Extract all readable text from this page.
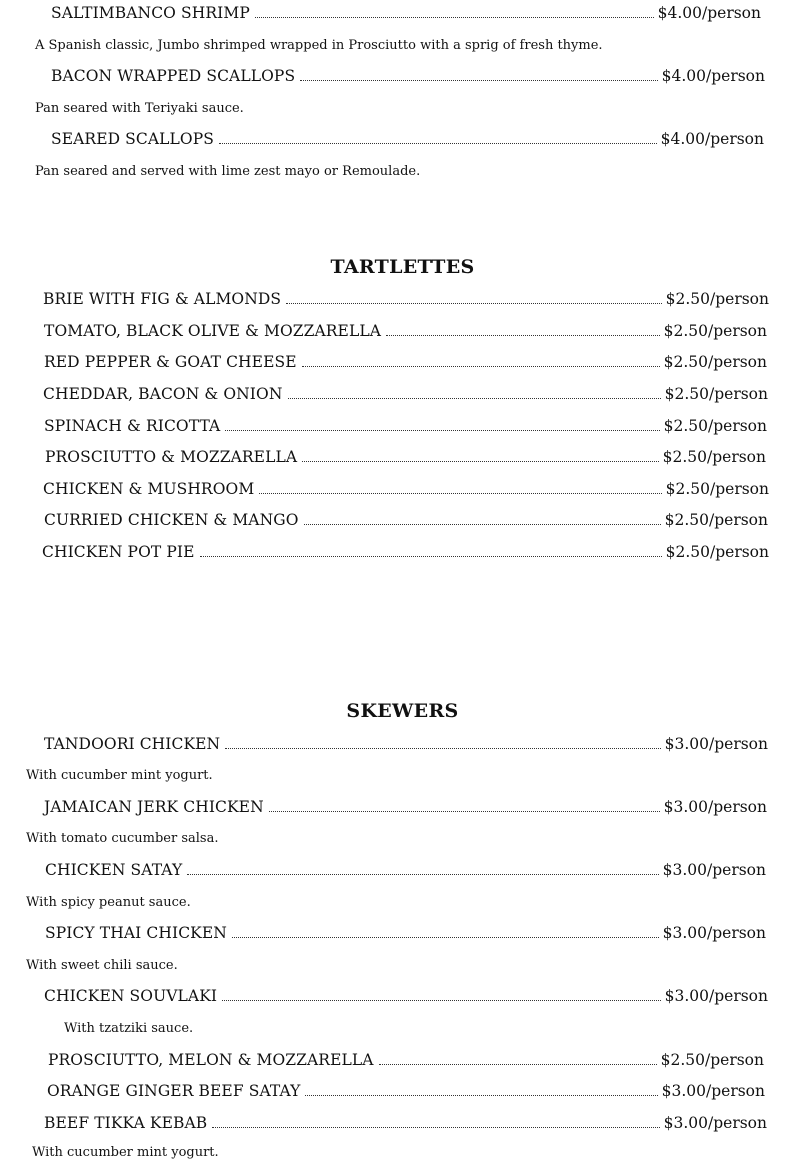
SALTIMBANCO SHRIMP	$4.00/person
A Spanish classic, Jumbo shrimped wrapped in Prosciutto with a sprig of fresh thyme.
BACON WRAPPED SCALLOPS	$4.00/person
Pan seared with Teriyaki sauce.
SEARED SCALLOPS	$4.00/person
Pan seared and served with lime zest mayo or Remoulade.
TARTLETTES
BRIE WITH FIG & ALMONDS	$2.50/person
TOMATO, BLACK OLIVE & MOZZARELLA	$2.50/person
RED PEPPER & GOAT CHEESE	$2.50/person
CHEDDAR, BACON & ONION	$2.50/person
SPINACH & RICOTTA	$2.50/person
PROSCIUTTO & MOZZARELLA	$2.50/person
CHICKEN & MUSHROOM	$2.50/person
CURRIED CHICKEN & MANGO	$2.50/person
CHICKEN POT PIE	$2.50/person
SKEWERS
TANDOORI CHICKEN	$3.00/person
With cucumber mint yogurt.
JAMAICAN JERK CHICKEN	$3.00/person
With tomato cucumber salsa.
CHICKEN SATAY	$3.00/person
With spicy peanut sauce.
SPICY THAI CHICKEN	$3.00/person
With sweet chili sauce.
CHICKEN SOUVLAKI	$3.00/person
With tzatziki sauce.
PROSCIUTTO, MELON & MOZZARELLA	$2.50/person
ORANGE GINGER BEEF SATAY	$3.00/person
BEEF TIKKA KEBAB	$3.00/person
With cucumber mint yogurt.
